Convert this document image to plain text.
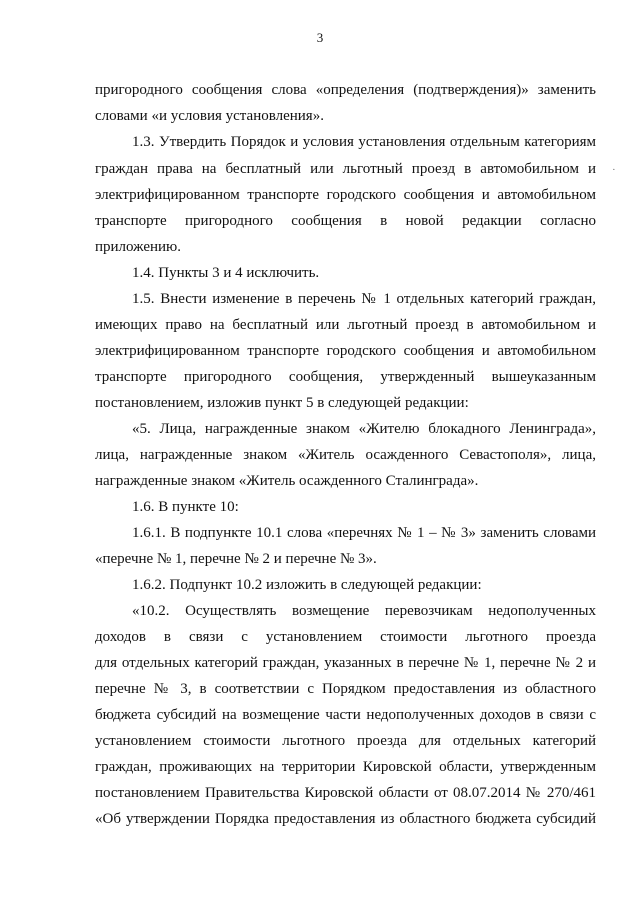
3
пригородного сообщения слова «определения (подтверждения)» заменить
словами «и условия установления».
1.3. Утвердить Порядок и условия установления отдельным категориям
граждан права на бесплатный или льготный проезд в автомобильном и
электрифицированном транспорте городского сообщения и автомобильном
транспорте пригородного сообщения в новой редакции согласно
приложению.
1.4. Пункты 3 и 4 исключить.
1.5. Внести изменение в перечень № 1 отдельных категорий граждан,
имеющих право на бесплатный или льготный проезд в автомобильном и
электрифицированном транспорте городского сообщения и автомобильном
транспорте пригородного сообщения, утвержденный вышеуказанным
постановлением, изложив пункт 5 в следующей редакции:
«5. Лица, награжденные знаком «Жителю блокадного Ленинграда»,
лица, награжденные знаком «Житель осажденного Севастополя», лица,
награжденные знаком «Житель осажденного Сталинграда».
1.6. В пункте 10:
1.6.1. В подпункте 10.1 слова «перечнях № 1 – № 3» заменить словами
«перечне № 1, перечне № 2 и перечне № 3».
1.6.2. Подпункт 10.2 изложить в следующей редакции:
«10.2. Осуществлять возмещение перевозчикам недополученных
доходов в связи с установлением стоимости льготного проезда
для отдельных категорий граждан, указанных в перечне № 1, перечне № 2 и
перечне № 3, в соответствии с Порядком предоставления из областного
бюджета субсидий на возмещение части недополученных доходов в связи с
установлением стоимости льготного проезда для отдельных категорий
граждан, проживающих на территории Кировской области, утвержденным
постановлением Правительства Кировской области от 08.07.2014 № 270/461
«Об утверждении Порядка предоставления из областного бюджета субсидий
·
